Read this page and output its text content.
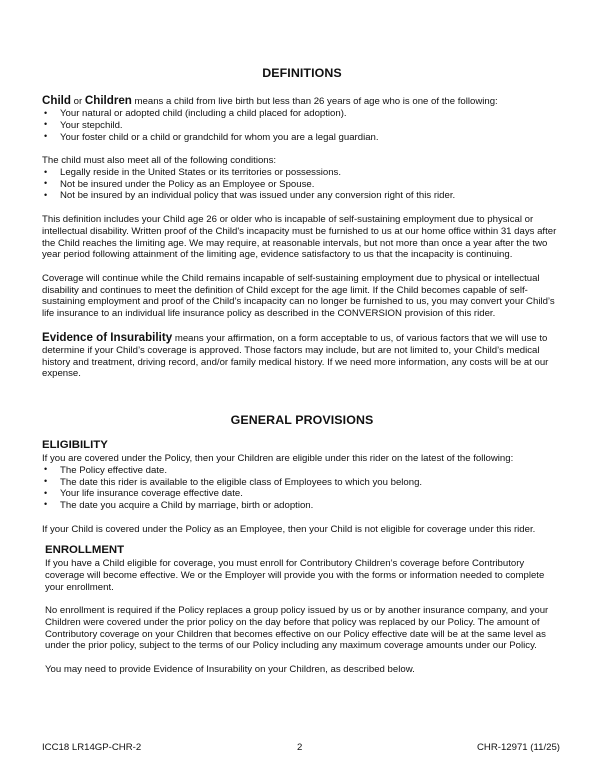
DEFINITIONS

Child or Children means a child from live birth but less than 26 years of age who is one of the following:

• Your natural or adopted child (including a child placed for adoption).
• Your stepchild.
• Your foster child or a child or grandchild for whom you are a legal guardian.

The child must also meet all of the following conditions:

• Legally reside in the United States or its territories or possessions.
• Not be insured under the Policy as an Employee or Spouse.
• Not be insured by an individual policy that was issued under any conversion right of this rider.

This definition includes your Child age 26 or older who is incapable of self-sustaining employment due to physical or intellectual disability. Written proof of the Child's incapacity must be furnished to us at our home office within 31 days after the Child reaches the limiting age. We may require, at reasonable intervals, but not more than once a year after the two year period following attainment of the limiting age, evidence satisfactory to us that the incapacity is continuing.

Coverage will continue while the Child remains incapable of self-sustaining employment due to physical or intellectual disability and continues to meet the definition of Child except for the age limit. If the Child becomes capable of self-sustaining employment and proof of the Child’s incapacity can no longer be furnished to us, you may convert your Child’s life insurance to an individual life insurance policy as described in the CONVERSION provision of this rider.

Evidence of Insurability means your affirmation, on a form acceptable to us, of various factors that we will use to determine if your Child’s coverage is approved. Those factors may include, but are not limited to, your Child’s medical history and treatment, driving record, and/or family medical history. If we need more information, any costs will be at our expense.

GENERAL PROVISIONS
ELIGIBILITY

If you are covered under the Policy, then your Children are eligible under this rider on the latest of the following:

• The Policy effective date.
• The date this rider is available to the eligible class of Employees to which you belong.
• Your life insurance coverage effective date.
• The date you acquire a Child by marriage, birth or adoption.

If your Child is covered under the Policy as an Employee, then your Child is not eligible for coverage under this rider.

ENROLLMENT

If you have a Child eligible for coverage, you must enroll for Contributory Children’s coverage before Contributory coverage will become effective. We or the Employer will provide you with the forms or information needed to complete your enrollment.

No enrollment is required if the Policy replaces a group policy issued by us or by another insurance company, and your Children were covered under the prior policy on the day before that policy was replaced by our Policy. The amount of Contributory coverage on your Children that becomes effective on our Policy effective date will be at the same level as under the prior policy, subject to the terms of our Policy including any maximum coverage amounts under our Policy.

You may need to provide Evidence of Insurability on your Children, as described below.

ICC18 LR14GP-CHR-2	2	CHR-12971 (11/25)
